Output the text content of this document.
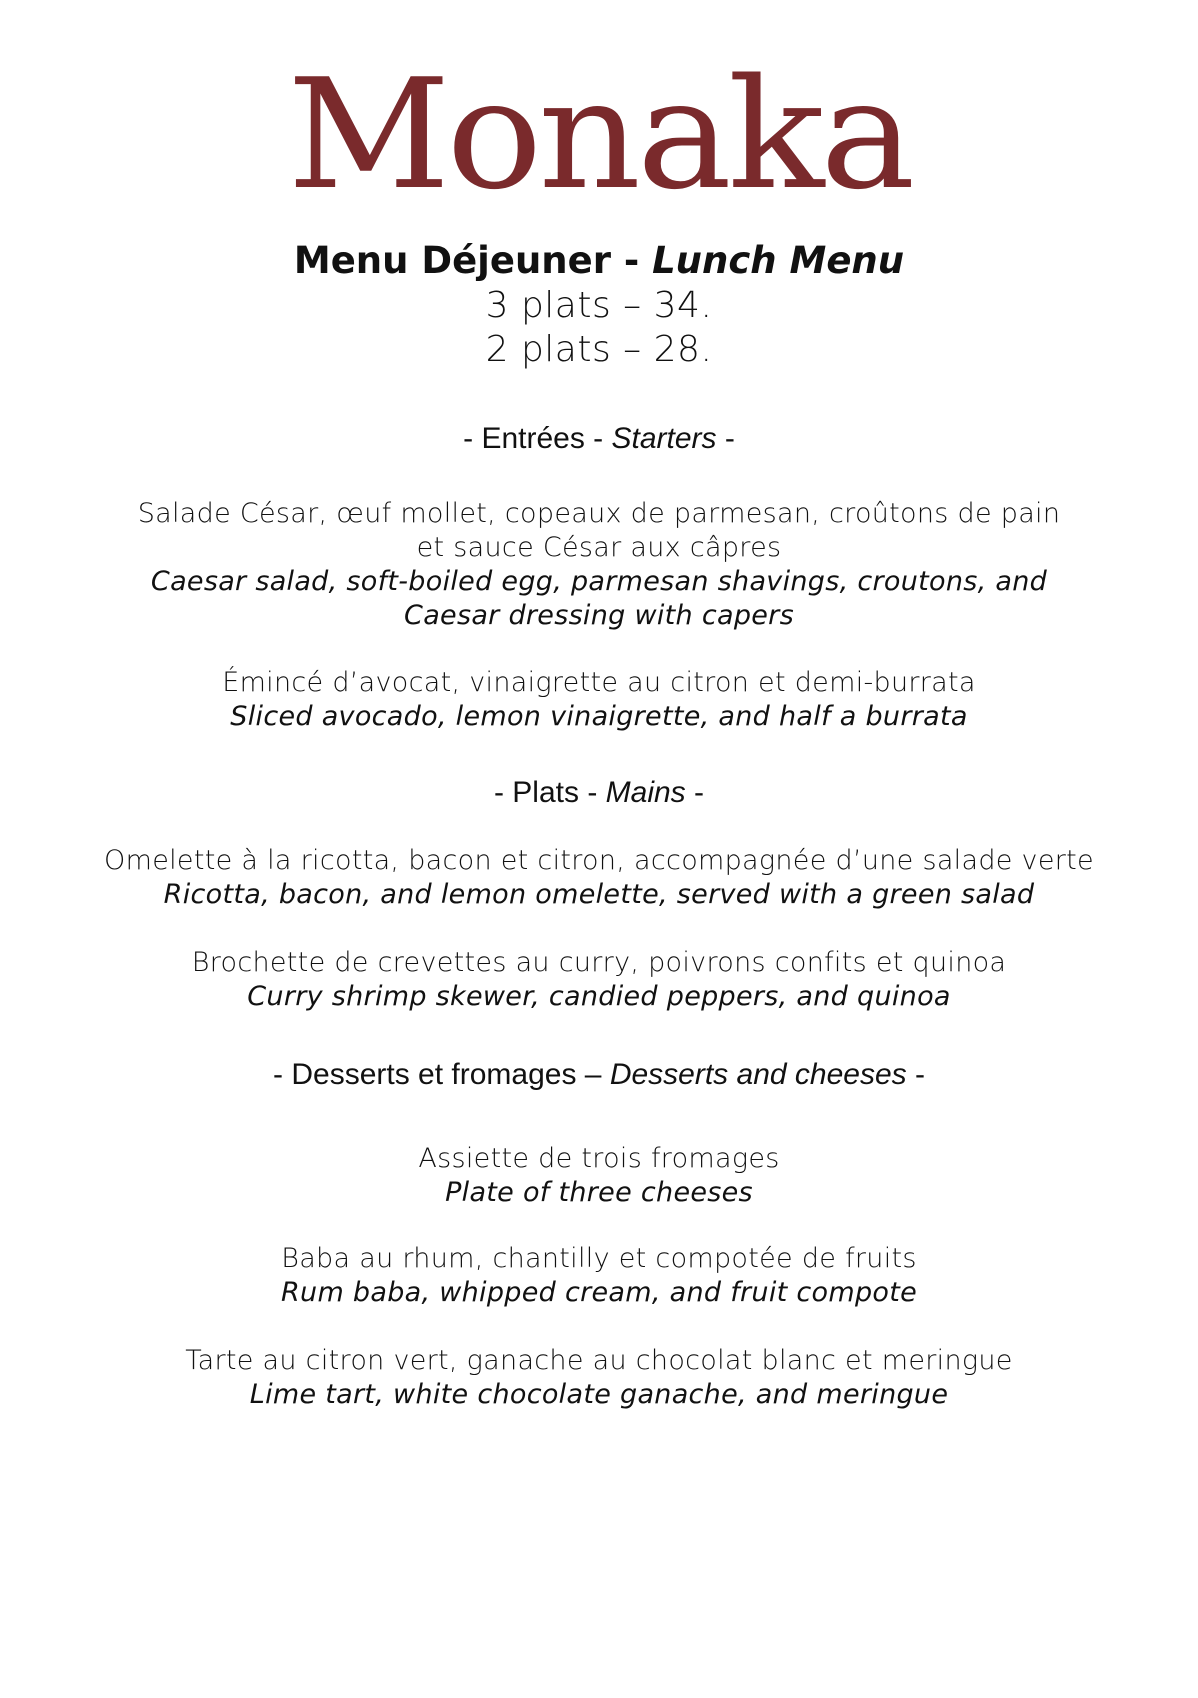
Monaka

Menu Déjeuner - Lunch Menu

3 plats – 34.

2 plats – 28.

- Entrées - Starters -

Salade César, œuf mollet, copeaux de parmesan, croûtons de pain et sauce César aux câpres
Caesar salad, soft-boiled egg, parmesan shavings, croutons, and Caesar dressing with capers
Émincé d’avocat, vinaigrette au citron et demi-burrata
Sliced avocado, lemon vinaigrette, and half a burrata

- Plats - Mains -

Omelette à la ricotta, bacon et citron, accompagnée d’une salade verte
Ricotta, bacon, and lemon omelette, served with a green salad
Brochette de crevettes au curry, poivrons confits et quinoa
Curry shrimp skewer, candied peppers, and quinoa

- Desserts et fromages – Desserts and cheeses -

Assiette de trois fromages
Plate of three cheeses
Baba au rhum, chantilly et compotée de fruits
Rum baba, whipped cream, and fruit compote
Tarte au citron vert, ganache au chocolat blanc et meringue
Lime tart, white chocolate ganache, and meringue
